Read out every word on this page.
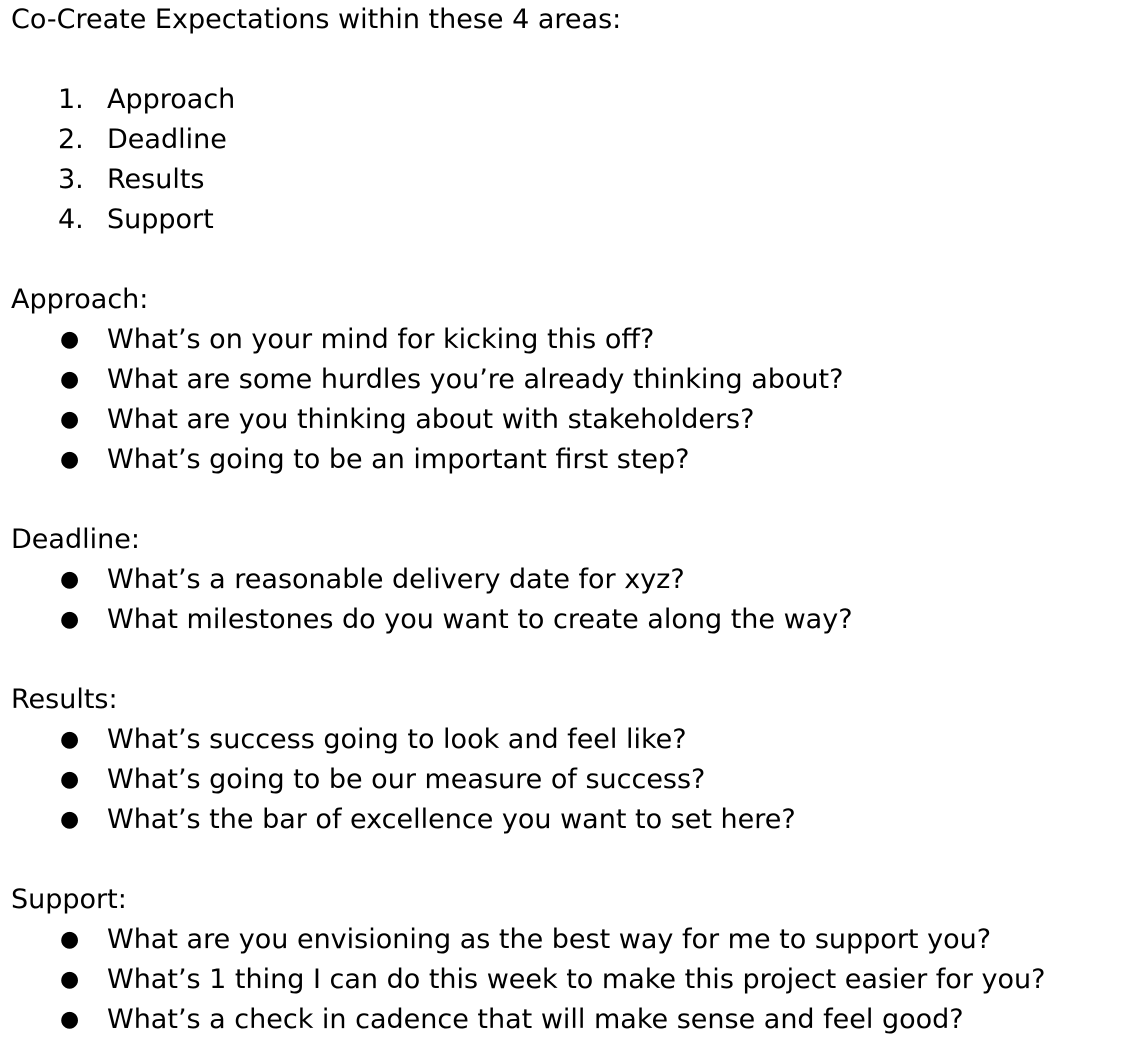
Co-Create Expectations within these 4 areas:
1. Approach
2. Deadline
3. Results
4. Support
Approach:
● What’s on your mind for kicking this off?
● What are some hurdles you’re already thinking about?
● What are you thinking about with stakeholders?
● What’s going to be an important first step?
Deadline:
● What’s a reasonable delivery date for xyz?
● What milestones do you want to create along the way?
Results:
● What’s success going to look and feel like?
● What’s going to be our measure of success?
● What’s the bar of excellence you want to set here?
Support:
● What are you envisioning as the best way for me to support you?
● What’s 1 thing I can do this week to make this project easier for you?
● What’s a check in cadence that will make sense and feel good?
